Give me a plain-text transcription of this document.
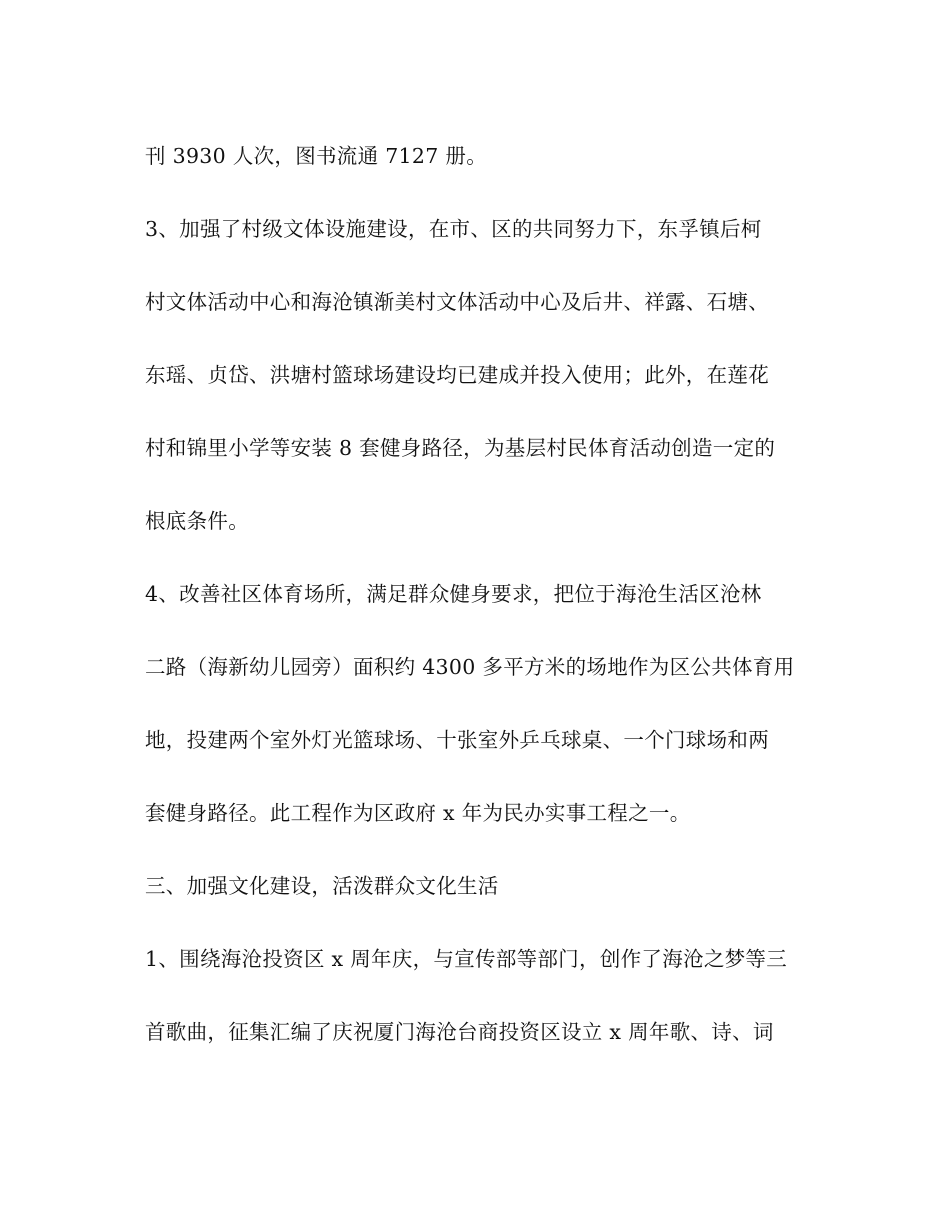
刊 3930 人次，图书流通 7127 册。
3、加强了村级文体设施建设，在市、区的共同努力下，东孚镇后柯
村文体活动中心和海沧镇渐美村文体活动中心及后井、祥露、石塘、
东瑶、贞岱、洪塘村篮球场建设均已建成并投入使用；此外，在莲花
村和锦里小学等安装 8 套健身路径，为基层村民体育活动创造一定的
根底条件。
4、改善社区体育场所，满足群众健身要求，把位于海沧生活区沧林
二路（海新幼儿园旁）面积约 4300 多平方米的场地作为区公共体育用
地，投建两个室外灯光篮球场、十张室外乒乓球桌、一个门球场和两
套健身路径。此工程作为区政府 x 年为民办实事工程之一。
三、加强文化建设，活泼群众文化生活
1、围绕海沧投资区 x 周年庆，与宣传部等部门，创作了海沧之梦等三
首歌曲，征集汇编了庆祝厦门海沧台商投资区设立 x 周年歌、诗、词
